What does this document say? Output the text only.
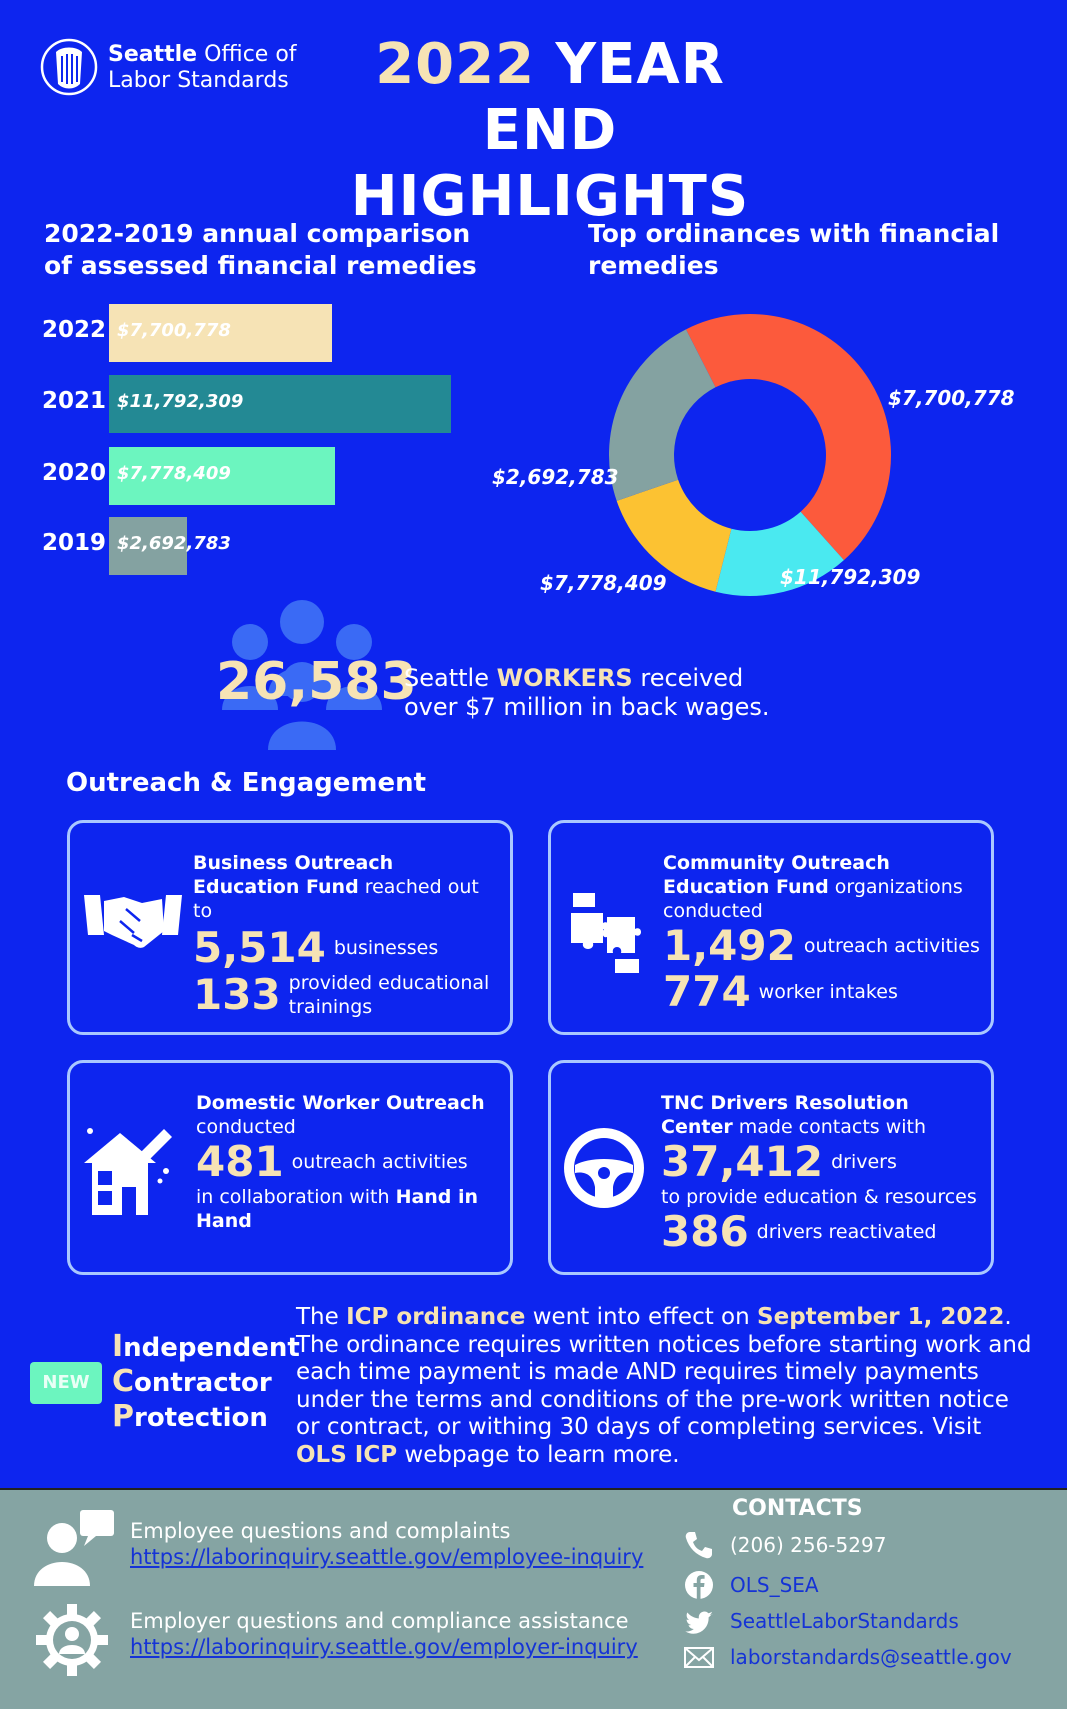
Seattle Office of
Labor Standards	2022 YEAR END
HIGHLIGHTS
2022-2019 annual comparison
of assessed financial remedies
2022 $7,700,778
2021 $11,792,309
2020 $7,778,409
2019 $2,692,783
Top ordinances with financial
remedies
$7,700,778
$2,692,783
$7,778,409	$11,792,309
26,583
Seattle WORKERS received
over $7 million in back wages.
Outreach & Engagement
Business Outreach
Education Fund reached out to
5,514 businesses
133 provided educational trainings
Community Outreach
Education Fund organizations
conducted
1,492 outreach activities
774 worker intakes
Domestic Worker Outreach
conducted
481 outreach activities
in collaboration with Hand in Hand
TNC Drivers Resolution
Center made contacts with
37,412 drivers
to provide education & resources
386 drivers reactivated
NEW
Independent
Contractor
Protection
The ICP ordinance went into effect on September 1, 2022. The ordinance requires written notices before starting work and each time payment is made AND requires timely payments under the terms and conditions of the pre-work written notice or contract, or withing 30 days of completing services. Visit OLS ICP webpage to learn more.
Employee questions and complaints
https://laborinquiry.seattle.gov/employee-inquiry
Employer questions and compliance assistance
https://laborinquiry.seattle.gov/employer-inquiry
CONTACTS
(206) 256-5297
OLS_SEA
SeattleLaborStandards
laborstandards@seattle.gov
